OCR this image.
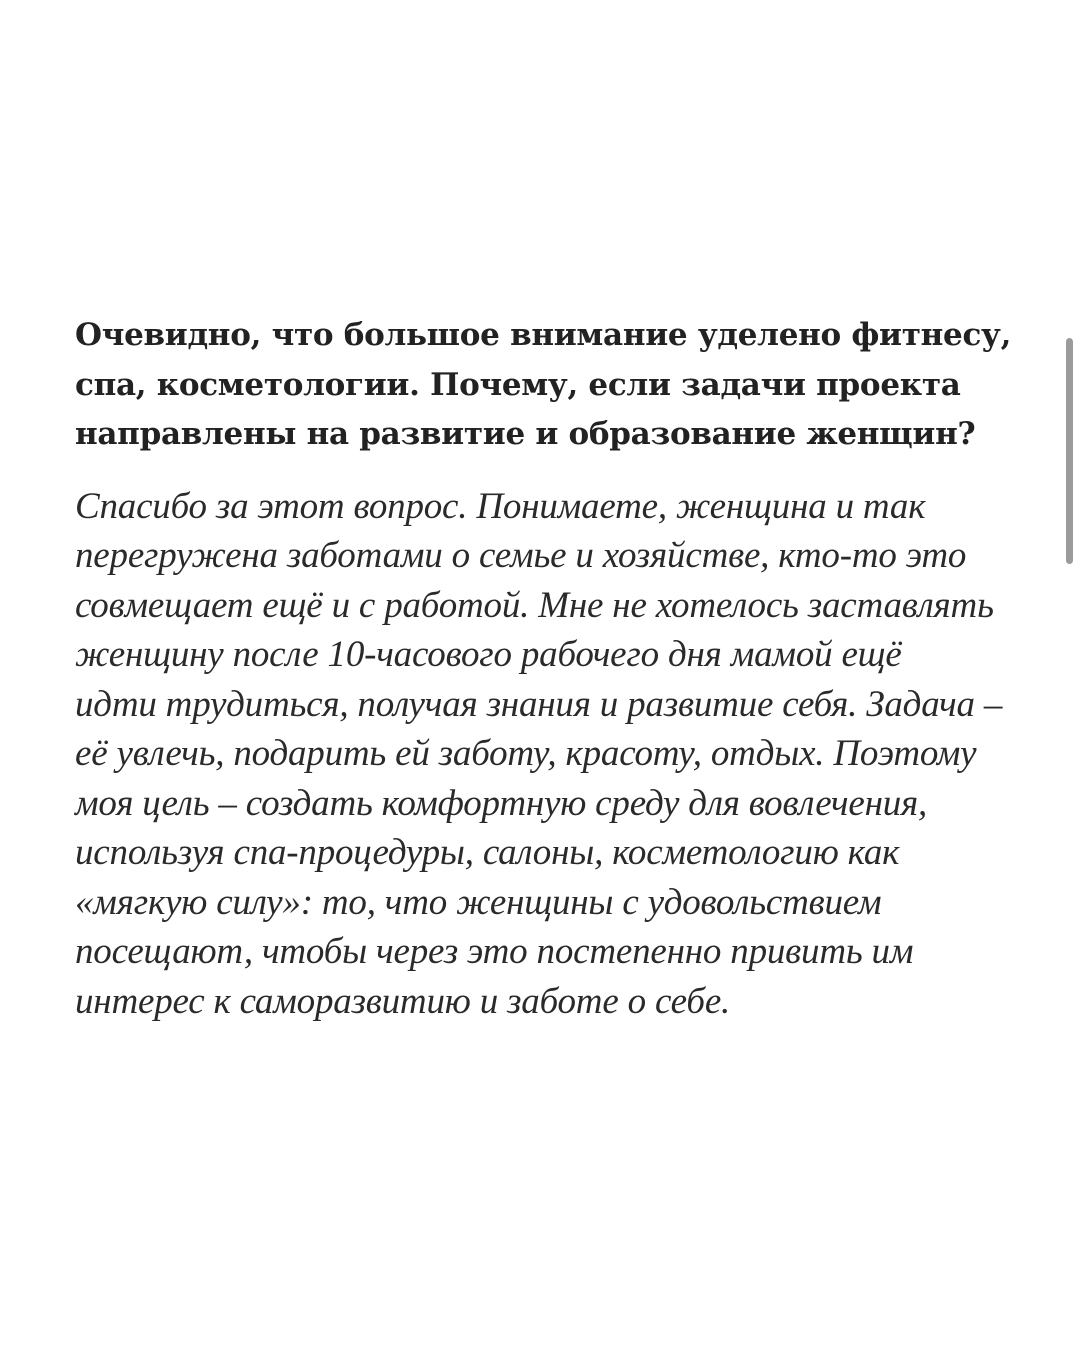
Очевидно, что большое внимание уделено фитнесу,
спа, косметологии. Почему, если задачи проекта
направлены на развитие и образование женщин?

Спасибо за этот вопрос. Понимаете, женщина и так
перегружена заботами о семье и хозяйстве, кто-то это
совмещает ещё и с работой. Мне не хотелось заставлять
женщину после 10-часового рабочего дня мамой ещё
идти трудиться, получая знания и развитие себя. Задача –
её увлечь, подарить ей заботу, красоту, отдых. Поэтому
моя цель – создать комфортную среду для вовлечения,
используя спа-процедуры, салоны, косметологию как
«мягкую силу»: то, что женщины с удовольствием
посещают, чтобы через это постепенно привить им
интерес к саморазвитию и заботе о себе.
